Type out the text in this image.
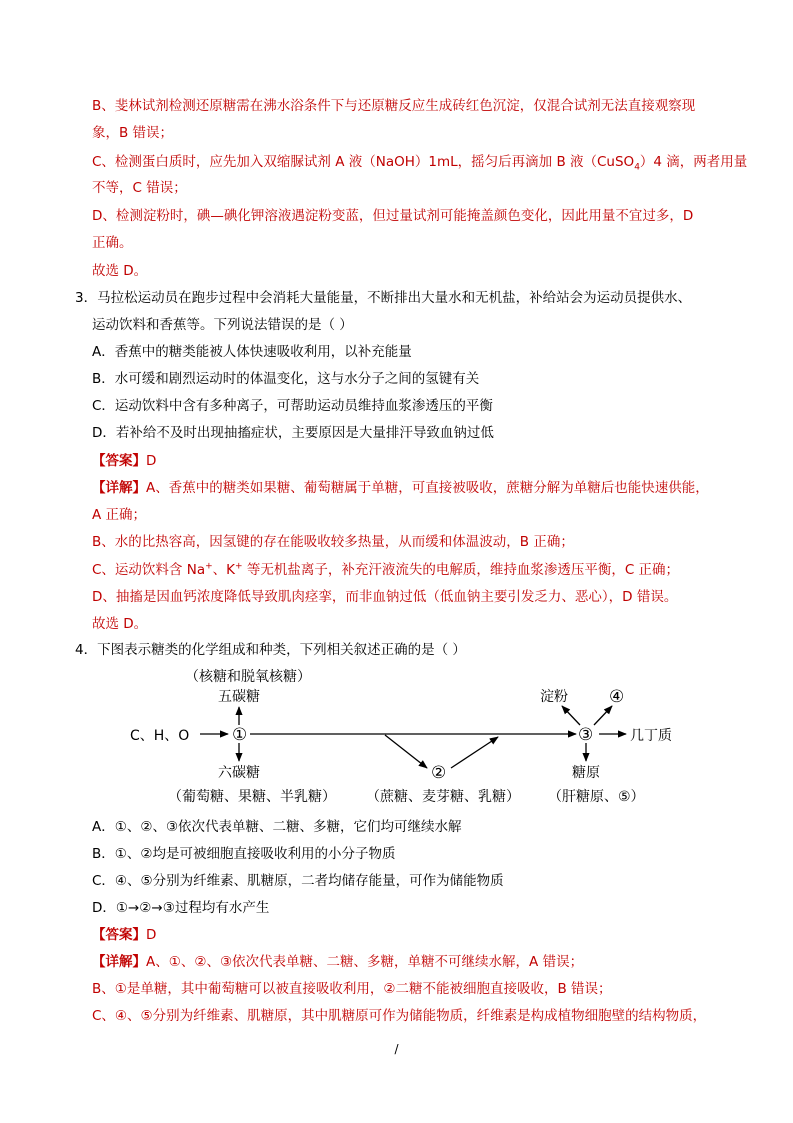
B、斐林试剂检测还原糖需在沸水浴条件下与还原糖反应生成砖红色沉淀，仅混合试剂无法直接观察现
象，B 错误；
C、检测蛋白质时，应先加入双缩脲试剂 A 液（NaOH）1mL，摇匀后再滴加 B 液（CuSO$_4$）4 滴，两者用量
不等，C 错误；
D、检测淀粉时，碘—碘化钾溶液遇淀粉变蓝，但过量试剂可能掩盖颜色变化，因此用量不宜过多，D
正确。
故选 D。
3．马拉松运动员在跑步过程中会消耗大量能量，不断排出大量水和无机盐，补给站会为运动员提供水、
运动饮料和香蕉等。下列说法错误的是（ ）
A．香蕉中的糖类能被人体快速吸收利用，以补充能量
B．水可缓和剧烈运动时的体温变化，这与水分子之间的氢键有关
C．运动饮料中含有多种离子，可帮助运动员维持血浆渗透压的平衡
D．若补给不及时出现抽搐症状，主要原因是大量排汗导致血钠过低
【答案】D
【详解】A、香蕉中的糖类如果糖、葡萄糖属于单糖，可直接被吸收，蔗糖分解为单糖后也能快速供能，
A 正确；
B、水的比热容高，因氢键的存在能吸收较多热量，从而缓和体温波动，B 正确；
C、运动饮料含 Na+、K+ 等无机盐离子，补充汗液流失的电解质，维持血浆渗透压平衡，C 正确；
D、抽搐是因血钙浓度降低导致肌肉痉挛，而非血钠过低（低血钠主要引发乏力、恶心），D 错误。
故选 D。
4．下图表示糖类的化学组成和种类，下列相关叙述正确的是（ ）
（核糖和脱氧核糖）
五碳糖
C、H、O	①
六碳糖
（葡萄糖、果糖、半乳糖）
②
（蔗糖、麦芽糖、乳糖）
淀粉 ④
③	几丁质
糖原
（肝糖原、⑤）
A．①、②、③依次代表单糖、二糖、多糖，它们均可继续水解
B．①、②均是可被细胞直接吸收利用的小分子物质
C．④、⑤分别为纤维素、肌糖原，二者均储存能量，可作为储能物质
D．①→②→③过程均有水产生
【答案】D
【详解】A、①、②、③依次代表单糖、二糖、多糖，单糖不可继续水解，A 错误；
B、①是单糖，其中葡萄糖可以被直接吸收利用，②二糖不能被细胞直接吸收，B 错误；
C、④、⑤分别为纤维素、肌糖原，其中肌糖原可作为储能物质，纤维素是构成植物细胞壁的结构物质，
/
